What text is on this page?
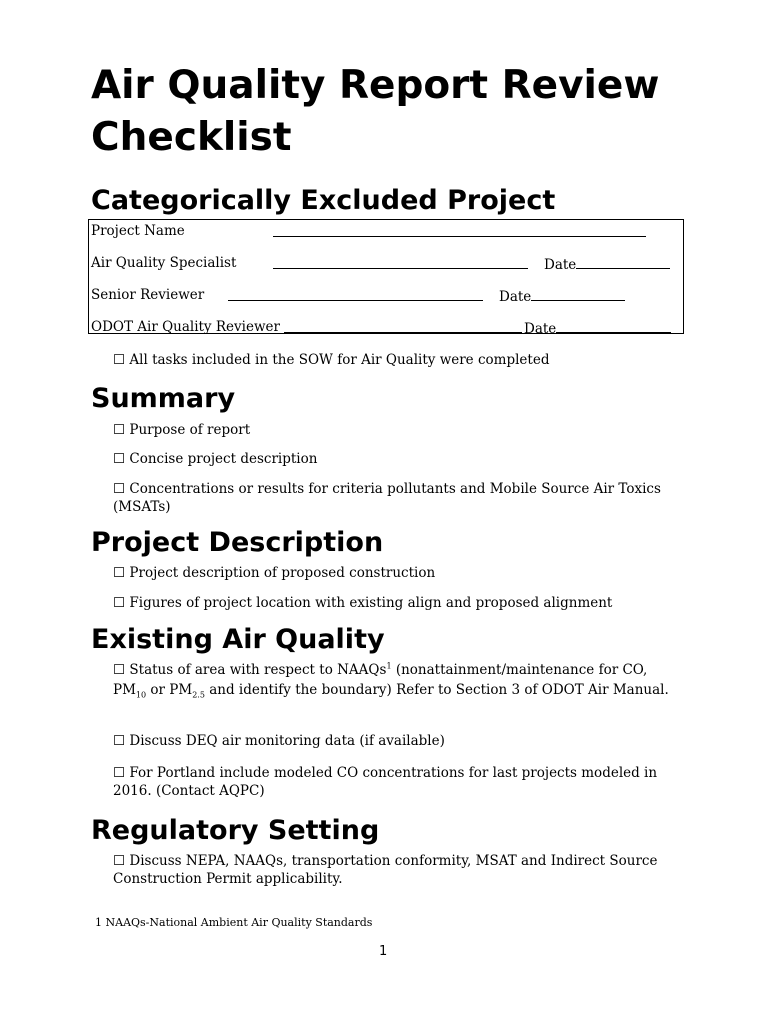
Air Quality Report Review Checklist
Categorically Excluded Project
Project Name
Air Quality Specialist	Date
Senior Reviewer	Date
ODOT Air Quality Reviewer	Date
☐ All tasks included in the SOW for Air Quality were completed
Summary
☐ Purpose of report
☐ Concise project description
☐ Concentrations or results for criteria pollutants and Mobile Source Air Toxics (MSATs)
Project Description
☐ Project description of proposed construction
☐ Figures of project location with existing align and proposed alignment
Existing Air Quality
☐ Status of area with respect to NAAQs$^1$ (nonattainment/maintenance for CO, $PM_{10}$ or $PM_{2.5}$ and identify the boundary) Refer to Section 3 of ODOT Air Manual.
☐ Discuss DEQ air monitoring data (if available)
☐ For Portland include modeled CO concentrations for last projects modeled in 2016. (Contact AQPC)
Regulatory Setting
☐ Discuss NEPA, NAAQs, transportation conformity, MSAT and Indirect Source Construction Permit applicability.
1 NAAQs-National Ambient Air Quality Standards
1
